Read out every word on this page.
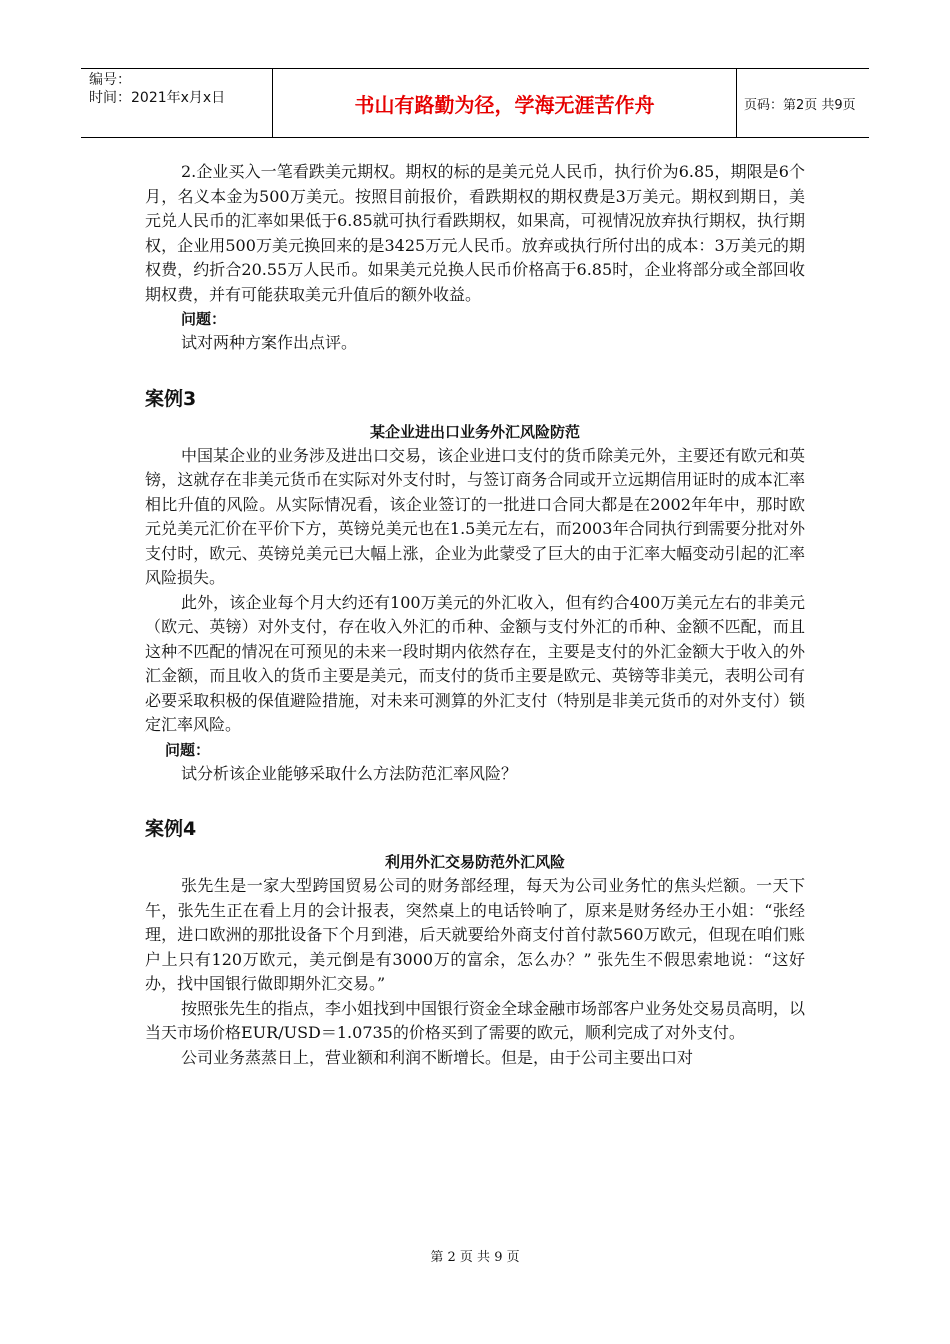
编号：
时间：2021年x月x日	书山有路勤为径，学海无涯苦作舟	页码：第2页 共9页

2.企业买入一笔看跌美元期权。期权的标的是美元兑人民币，执行价为6.85，期限是6个月，名义本金为500万美元。按照目前报价，看跌期权的期权费是3万美元。期权到期日，美元兑人民币的汇率如果低于6.85就可执行看跌期权，如果高，可视情况放弃执行期权，执行期权，企业用500万美元换回来的是3425万元人民币。放弃或执行所付出的成本：3万美元的期权费，约折合20.55万人民币。如果美元兑换人民币价格高于6.85时，企业将部分或全部回收期权费，并有可能获取美元升值后的额外收益。

问题：

试对两种方案作出点评。

案例3
某企业进出口业务外汇风险防范

中国某企业的业务涉及进出口交易，该企业进口支付的货币除美元外，主要还有欧元和英镑，这就存在非美元货币在实际对外支付时，与签订商务合同或开立远期信用证时的成本汇率相比升值的风险。从实际情况看，该企业签订的一批进口合同大都是在2002年年中，那时欧元兑美元汇价在平价下方，英镑兑美元也在1.5美元左右，而2003年合同执行到需要分批对外支付时，欧元、英镑兑美元已大幅上涨，企业为此蒙受了巨大的由于汇率大幅变动引起的汇率风险损失。

此外，该企业每个月大约还有100万美元的外汇收入，但有约合400万美元左右的非美元（欧元、英镑）对外支付，存在收入外汇的币种、金额与支付外汇的币种、金额不匹配，而且这种不匹配的情况在可预见的未来一段时期内依然存在，主要是支付的外汇金额大于收入的外汇金额，而且收入的货币主要是美元，而支付的货币主要是欧元、英镑等非美元，表明公司有必要采取积极的保值避险措施，对未来可测算的外汇支付（特别是非美元货币的对外支付）锁定汇率风险。

问题：

试分析该企业能够采取什么方法防范汇率风险？

案例4
利用外汇交易防范外汇风险

张先生是一家大型跨国贸易公司的财务部经理，每天为公司业务忙的焦头烂额。一天下午，张先生正在看上月的会计报表，突然桌上的电话铃响了，原来是财务经办王小姐：“张经理，进口欧洲的那批设备下个月到港，后天就要给外商支付首付款560万欧元，但现在咱们账户上只有120万欧元，美元倒是有3000万的富余，怎么办？” 张先生不假思索地说：“这好办，找中国银行做即期外汇交易。”

按照张先生的指点，李小姐找到中国银行资金全球金融市场部客户业务处交易员高明，以当天市场价格EUR/USD＝1.0735的价格买到了需要的欧元，顺利完成了对外支付。

公司业务蒸蒸日上，营业额和利润不断增长。但是，由于公司主要出口对

第 2 页 共 9 页
